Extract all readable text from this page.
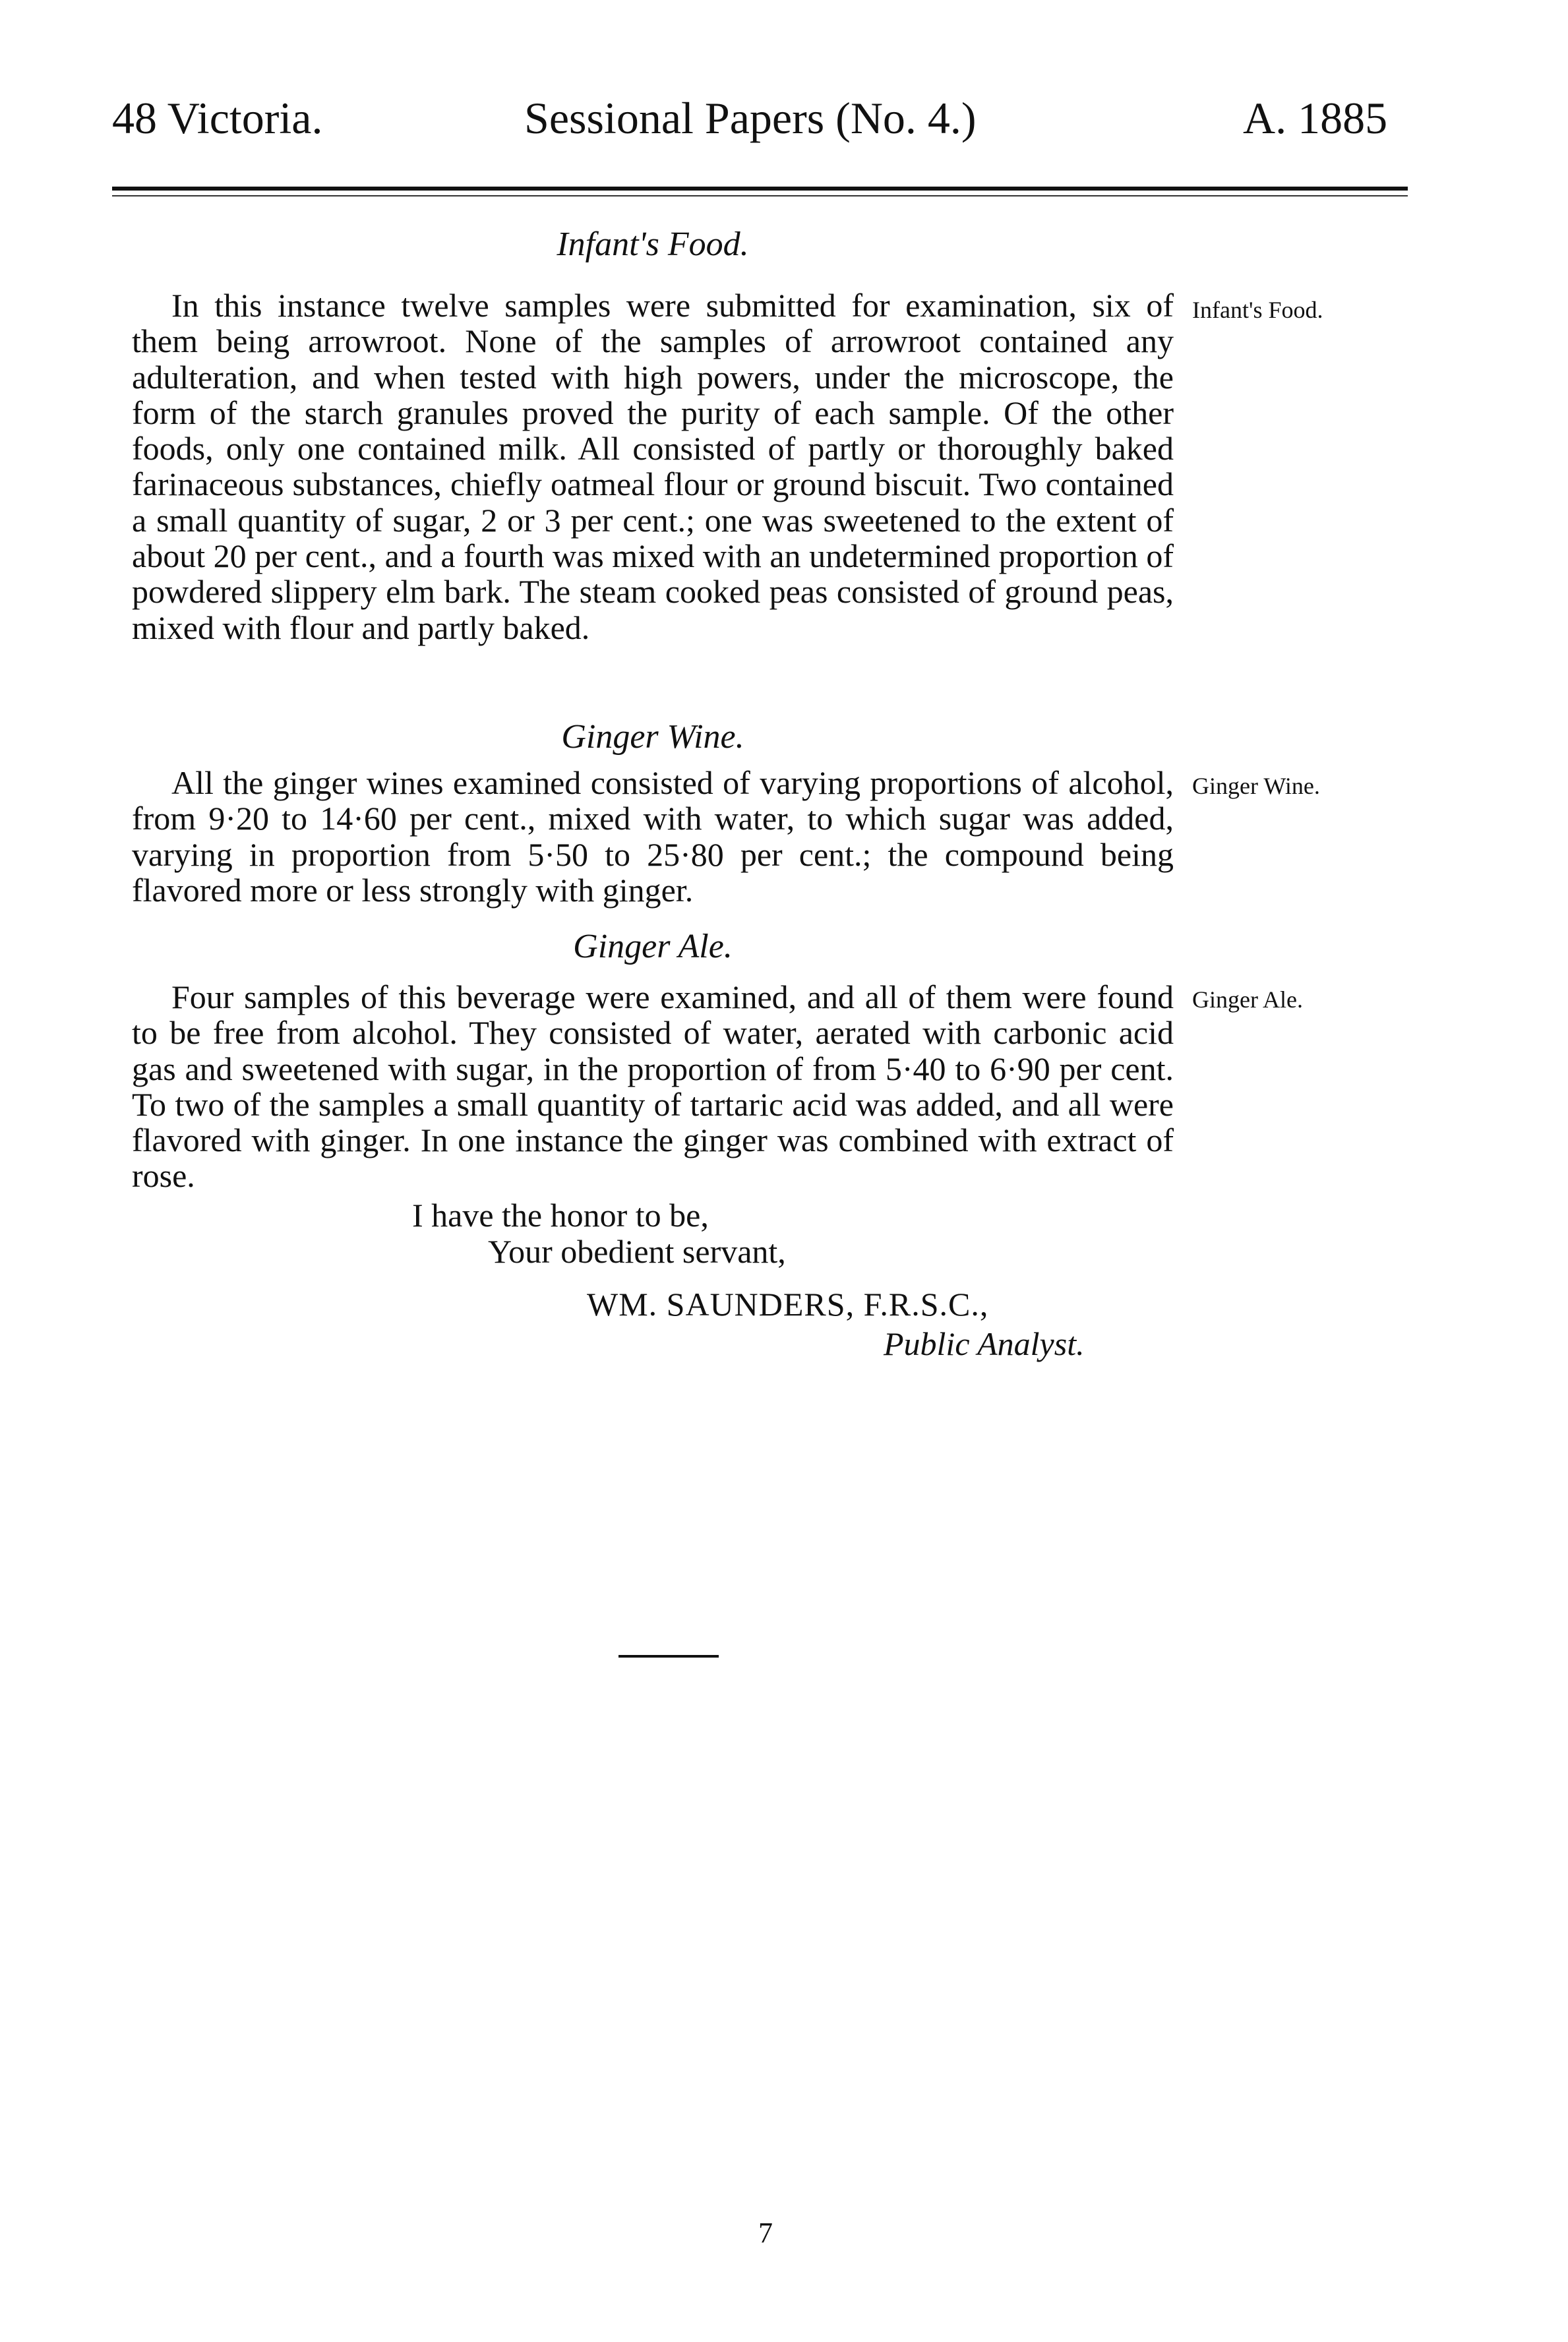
48 Victoria.	Sessional Papers (No. 4.)	A. 1885
Infant's Food.
In this instance twelve samples were submitted for examination, six of them being arrowroot. None of the samples of arrowroot contained any adulteration, and when tested with high powers, under the microscope, the form of the starch granules proved the purity of each sample. Of the other foods, only one contained milk. All consisted of partly or thoroughly baked farinaceous substances, chiefly oatmeal flour or ground biscuit. Two contained a small quantity of sugar, 2 or 3 per cent.; one was sweetened to the extent of about 20 per cent., and a fourth was mixed with an undetermined proportion of powdered slippery elm bark. The steam cooked peas consisted of ground peas, mixed with flour and partly baked.
Infant's Food.
Ginger Wine.
All the ginger wines examined consisted of varying proportions of alcohol, from 9·20 to 14·60 per cent., mixed with water, to which sugar was added, varying in proportion from 5·50 to 25·80 per cent.; the compound being flavored more or less strongly with ginger.
Ginger Wine.
Ginger Ale.
Four samples of this beverage were examined, and all of them were found to be free from alcohol. They consisted of water, aerated with carbonic acid gas and sweetened with sugar, in the proportion of from 5·40 to 6·90 per cent. To two of the samples a small quantity of tartaric acid was added, and all were flavored with ginger. In one instance the ginger was combined with extract of rose.
Ginger Ale.
I have the honor to be,
Your obedient servant,
WM. SAUNDERS, F.R.S.C.,
Public Analyst.
7
